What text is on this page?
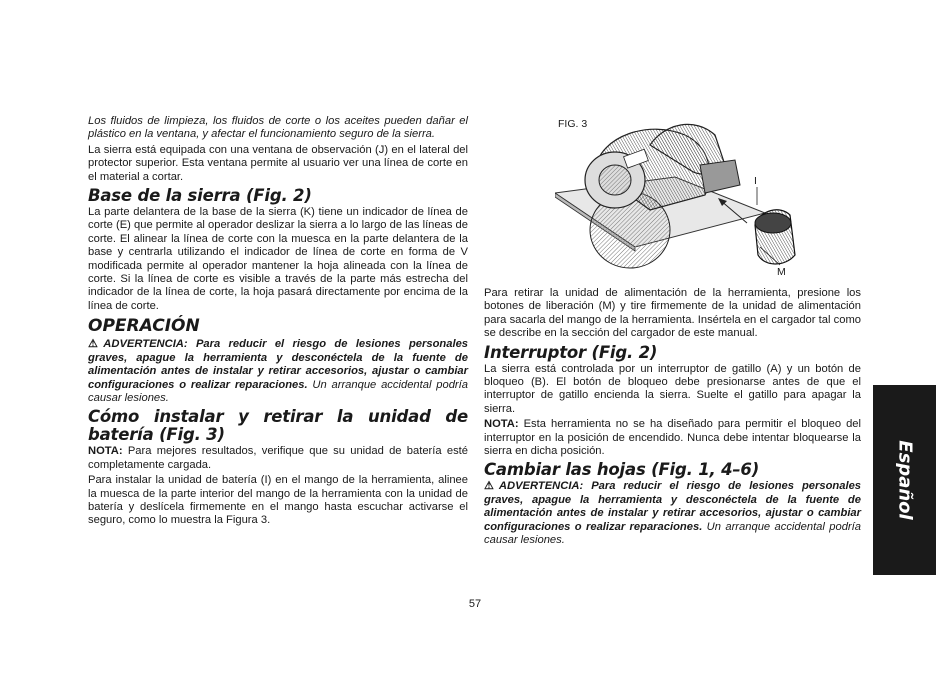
Los fluidos de limpieza, los fluidos de corte o los aceites pueden dañar el plástico en la ventana, y afectar el funcionamiento seguro de la sierra.

La sierra está equipada con una ventana de observación (J) en el lateral del protector superior. Esta ventana permite al usuario ver una línea de corte en el material a cortar.

Base de la sierra (Fig. 2)

La parte delantera de la base de la sierra (K) tiene un indicador de línea de corte (E) que permite al operador deslizar la sierra a lo largo de las líneas de corte. El alinear la línea de corte con la muesca en la parte delantera de la base y centrarla utilizando el indicador de línea de corte en forma de V modificada permite al operador mantener la hoja alineada con la línea de corte. Si la línea de corte es visible a través de la parte más estrecha del indicador de la línea de corte, la hoja pasará directamente por encima de la línea de corte.

OPERACIÓN

⚠ADVERTENCIA: Para reducir el riesgo de lesiones personales graves, apague la herramienta y desconéctela de la fuente de alimentación antes de instalar y retirar accesorios, ajustar o cambiar configuraciones o realizar reparaciones. Un arranque accidental podría causar lesiones.

Cómo instalar y retirar la unidad de batería (Fig. 3)

NOTA: Para mejores resultados, verifique que su unidad de batería esté completamente cargada.

Para instalar la unidad de batería (I) en el mango de la herramienta, alinee la muesca de la parte interior del mango de la herramienta con la unidad de batería y deslícela firmemente en el mango hasta escuchar activarse el seguro, como lo muestra la Figura 3.

FIG. 3
I
M

Para retirar la unidad de alimentación de la herramienta, presione los botones de liberación (M) y tire firmemente de la unidad de alimentación para sacarla del mango de la herramienta. Insértela en el cargador tal como se describe en la sección del cargador de este manual.

Interruptor (Fig. 2)

La sierra está controlada por un interruptor de gatillo (A) y un botón de bloqueo (B). El botón de bloqueo debe presionarse antes de que el interruptor de gatillo encienda la sierra. Suelte el gatillo para apagar la sierra.

NOTA: Esta herramienta no se ha diseñado para permitir el bloqueo del interruptor en la posición de encendido. Nunca debe intentar bloquearse la sierra en dicha posición.

Cambiar las hojas (Fig. 1, 4–6)

⚠ADVERTENCIA: Para reducir el riesgo de lesiones personales graves, apague la herramienta y desconéctela de la fuente de alimentación antes de instalar y retirar accesorios, ajustar o cambiar configuraciones o realizar reparaciones. Un arranque accidental podría causar lesiones.

57
Español
